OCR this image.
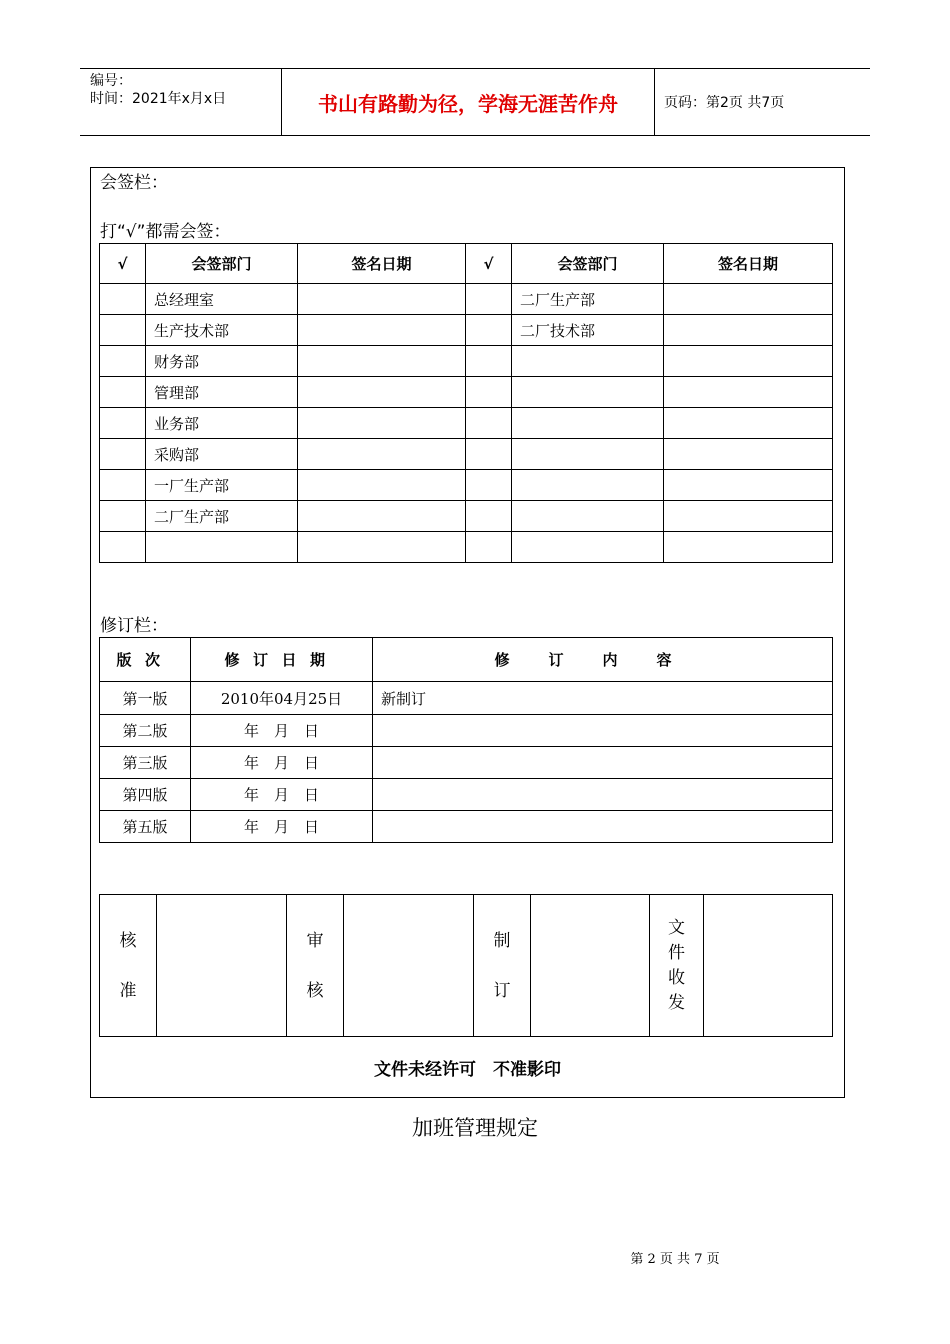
编号：
时间：2021年x月x日	书山有路勤为径，学海无涯苦作舟	页码：第2页 共7页
会签栏：
打“√”都需会签：
√	会签部门	签名日期	√	会签部门	签名日期
	总经理室			二厂生产部	
	生产技术部			二厂技术部	
	财务部				
	管理部				
	业务部				
	采购部				
	一厂生产部				
	二厂生产部				

修订栏：
版次	修订日期	修订内容
第一版	2010年04月25日	新制订
第二版	年　月　日	
第三版	年　月　日	
第四版	年　月　日	
第五版	年　月　日	
核准		审核		制订		文件收发	
文件未经许可　不准影印
加班管理规定
第 2 页 共 7 页
